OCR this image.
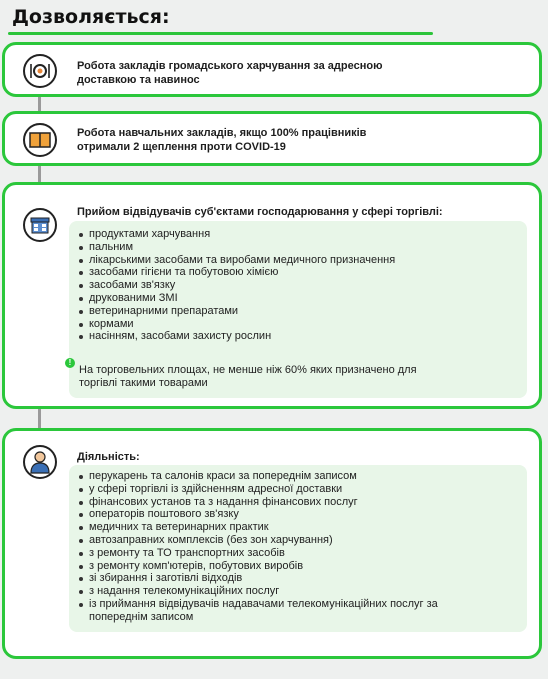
Дозволяється:
Робота закладів громадського харчування за адресною доставкою та навинос
Робота навчальних закладів, якщо 100% працівників отримали 2 щеплення проти COVID-19
Прийом відвідувачів суб'єктами господарювання у сфері торгівлі:
продуктами харчування
пальним
лікарськими засобами та виробами медичного призначення
засобами гігієни та побутовою хімією
засобами зв'язку
друкованими ЗМІ
ветеринарними препаратами
кормами
насінням, засобами захисту рослин
!
На торговельних площах, не менше ніж 60% яких призначено для торгівлі такими товарами
Діяльність:
перукарень та салонів краси за попереднім записом
у сфері торгівлі із здійсненням адресної доставки
фінансових установ та з надання фінансових послуг
операторів поштового зв'язку
медичних та ветеринарних практик
автозаправних комплексів (без зон харчування)
з ремонту та ТО транспортних засобів
з ремонту комп'ютерів, побутових виробів
зі збирання і заготівлі відходів
з надання телекомунікаційних послуг
із приймання відвідувачів надавачами телекомунікаційних послуг за попереднім записом
